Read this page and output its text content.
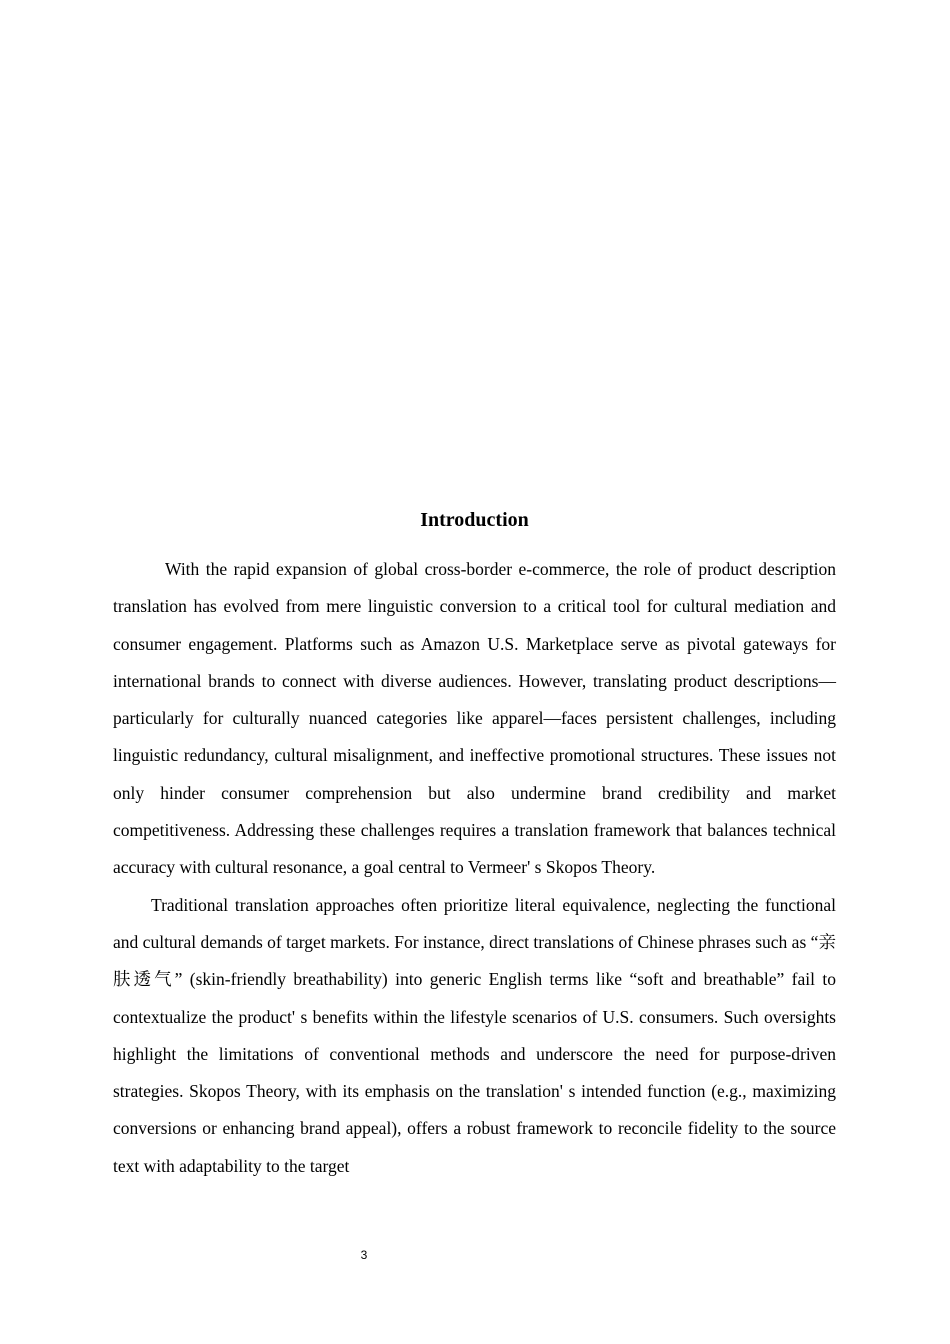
Introduction

With the rapid expansion of global cross-border e-commerce, the role of product description translation has evolved from mere linguistic conversion to a critical tool for cultural mediation and consumer engagement. Platforms such as Amazon U.S. Marketplace serve as pivotal gateways for international brands to connect with diverse audiences. However, translating product descriptions—particularly for culturally nuanced categories like apparel—faces persistent challenges, including linguistic redundancy, cultural misalignment, and ineffective promotional structures. These issues not only hinder consumer comprehension but also undermine brand credibility and market competitiveness. Addressing these challenges requires a translation framework that balances technical accuracy with cultural resonance, a goal central to Vermeer' s Skopos Theory.

Traditional translation approaches often prioritize literal equivalence, neglecting the functional and cultural demands of target markets. For instance, direct translations of Chinese phrases such as “亲肤透气” (skin-friendly breathability) into generic English terms like “soft and breathable” fail to contextualize the product' s benefits within the lifestyle scenarios of U.S. consumers. Such oversights highlight the limitations of conventional methods and underscore the need for purpose-driven strategies. Skopos Theory, with its emphasis on the translation' s intended function (e.g., maximizing conversions or enhancing brand appeal), offers a robust framework to reconcile fidelity to the source text with adaptability to the target

3
